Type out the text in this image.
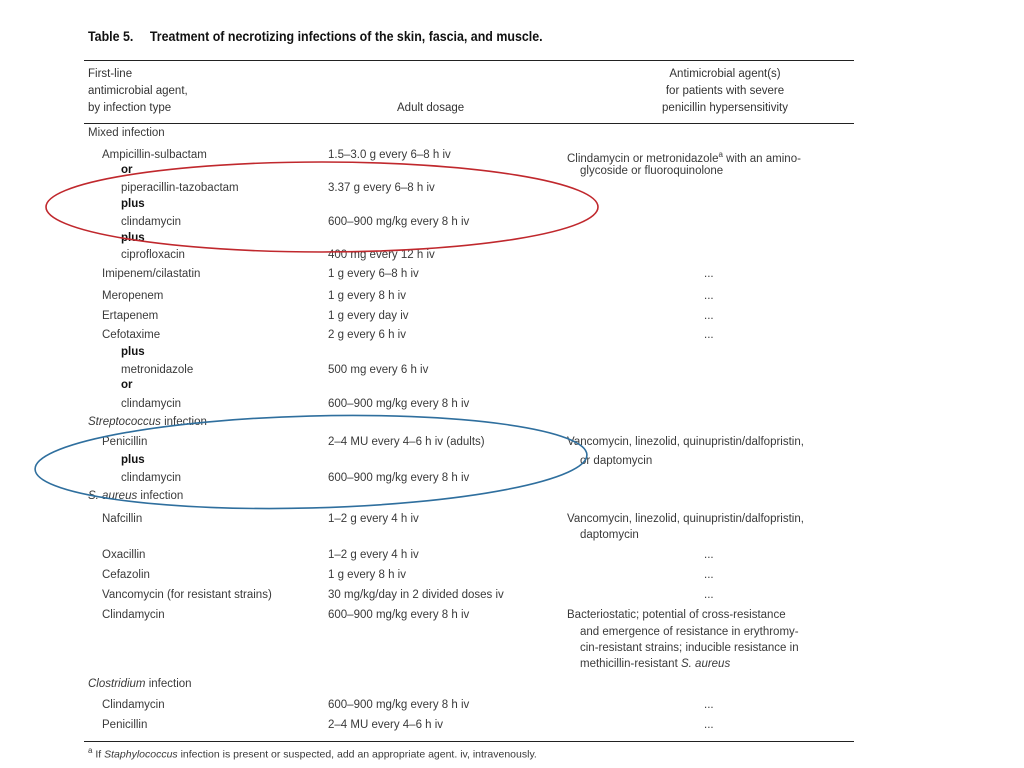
Table 5. Treatment of necrotizing infections of the skin, fascia, and muscle.
First-line
antimicrobial agent,
by infection type	Adult dosage
Antimicrobial agent(s)
for patients with severe
penicillin hypersensitivity
Mixed infection
Ampicillin-sulbactam	1.5–3.0 g every 6–8 h iv	Clindamycin or metronidazole$^a$ with an amino-
glycoside or fluoroquinolone
or
piperacillin-tazobactam	3.37 g every 6–8 h iv
plus
clindamycin	600–900 mg/kg every 8 h iv
plus
ciprofloxacin	400 mg every 12 h iv
Imipenem/cilastatin	1 g every 6–8 h iv	...
Meropenem	1 g every 8 h iv	...
Ertapenem	1 g every day iv	...
Cefotaxime	2 g every 6 h iv	...
plus
metronidazole	500 mg every 6 h iv
or
clindamycin	600–900 mg/kg every 8 h iv
Streptococcus infection
Penicillin	2–4 MU every 4–6 h iv (adults)	Vancomycin, linezolid, quinupristin/dalfopristin,
or daptomycin
plus
clindamycin	600–900 mg/kg every 8 h iv
S. aureus infection
Nafcillin	1–2 g every 4 h iv	Vancomycin, linezolid, quinupristin/dalfopristin,
daptomycin
Oxacillin	1–2 g every 4 h iv	...
Cefazolin	1 g every 8 h iv	...
Vancomycin (for resistant strains)	30 mg/kg/day in 2 divided doses iv	...
Clindamycin	600–900 mg/kg every 8 h iv	Bacteriostatic; potential of cross-resistance
and emergence of resistance in erythromy-
cin-resistant strains; inducible resistance in
methicillin-resistant S. aureus
Clostridium infection
Clindamycin	600–900 mg/kg every 8 h iv	...
Penicillin	2–4 MU every 4–6 h iv	...
$^a$ If Staphylococcus infection is present or suspected, add an appropriate agent. iv, intravenously.
